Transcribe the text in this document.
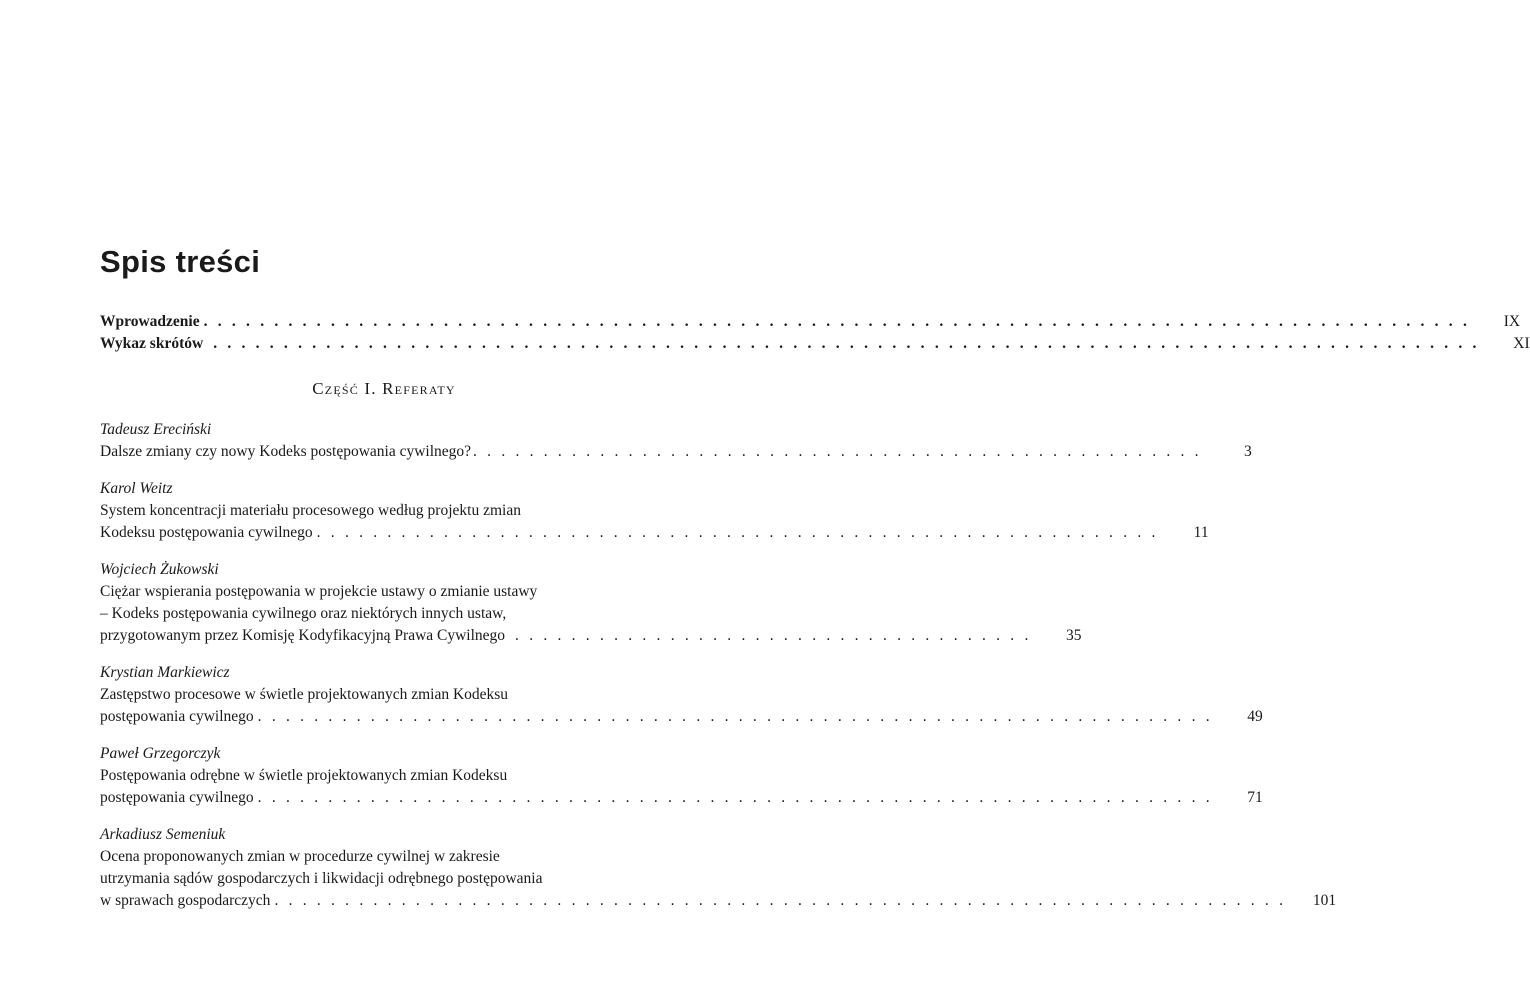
Spis treści
Wprowadzenie . . . . . . . . . . . . . . . . . . . . . . . . . . . . . . . . . . . . . . . . . . . . . . . . . . . . . . . . . . . . . . . . . . . . . . . . . . . . . . . . . . . . . . . . . .	IX
Wykaz skrótów . . . . . . . . . . . . . . . . . . . . . . . . . . . . . . . . . . . . . . . . . . . . . . . . . . . . . . . . . . . . . . . . . . . . . . . . . . . . . . . . . . . . . . . . . .	XI
Część I. Referaty
Tadeusz Ereciński
Dalsze zmiany czy nowy Kodeks postępowania cywilnego? . . . . . . . . . . . . . . . . . . . . . . . . . . . . . . . . . . . . . . . . . . . . . . . . . . . .	3
Karol Weitz
System koncentracji materiału procesowego według projektu zmian
Kodeksu postępowania cywilnego . . . . . . . . . . . . . . . . . . . . . . . . . . . . . . . . . . . . . . . . . . . . . . . . . . . . . . . . . . . .	11
Wojciech Żukowski
Ciężar wspierania postępowania w projekcie ustawy o zmianie ustawy
– Kodeks postępowania cywilnego oraz niektórych innych ustaw,
przygotowanym przez Komisję Kodyfikacyjną Prawa Cywilnego . . . . . . . . . . . . . . . . . . . . . . . . . . . . . . . . . . . . .	35
Krystian Markiewicz
Zastępstwo procesowe w świetle projektowanych zmian Kodeksu
postępowania cywilnego . . . . . . . . . . . . . . . . . . . . . . . . . . . . . . . . . . . . . . . . . . . . . . . . . . . . . . . . . . . . . . . . . . . .	49
Paweł Grzegorczyk
Postępowania odrębne w świetle projektowanych zmian Kodeksu
postępowania cywilnego . . . . . . . . . . . . . . . . . . . . . . . . . . . . . . . . . . . . . . . . . . . . . . . . . . . . . . . . . . . . . . . . . . . .	71
Arkadiusz Semeniuk
Ocena proponowanych zmian w procedurze cywilnej w zakresie
utrzymania sądów gospodarczych i likwidacji odrębnego postępowania
w sprawach gospodarczych . . . . . . . . . . . . . . . . . . . . . . . . . . . . . . . . . . . . . . . . . . . . . . . . . . . . . . . . . . . . . . . . . . . . . . . .	101
